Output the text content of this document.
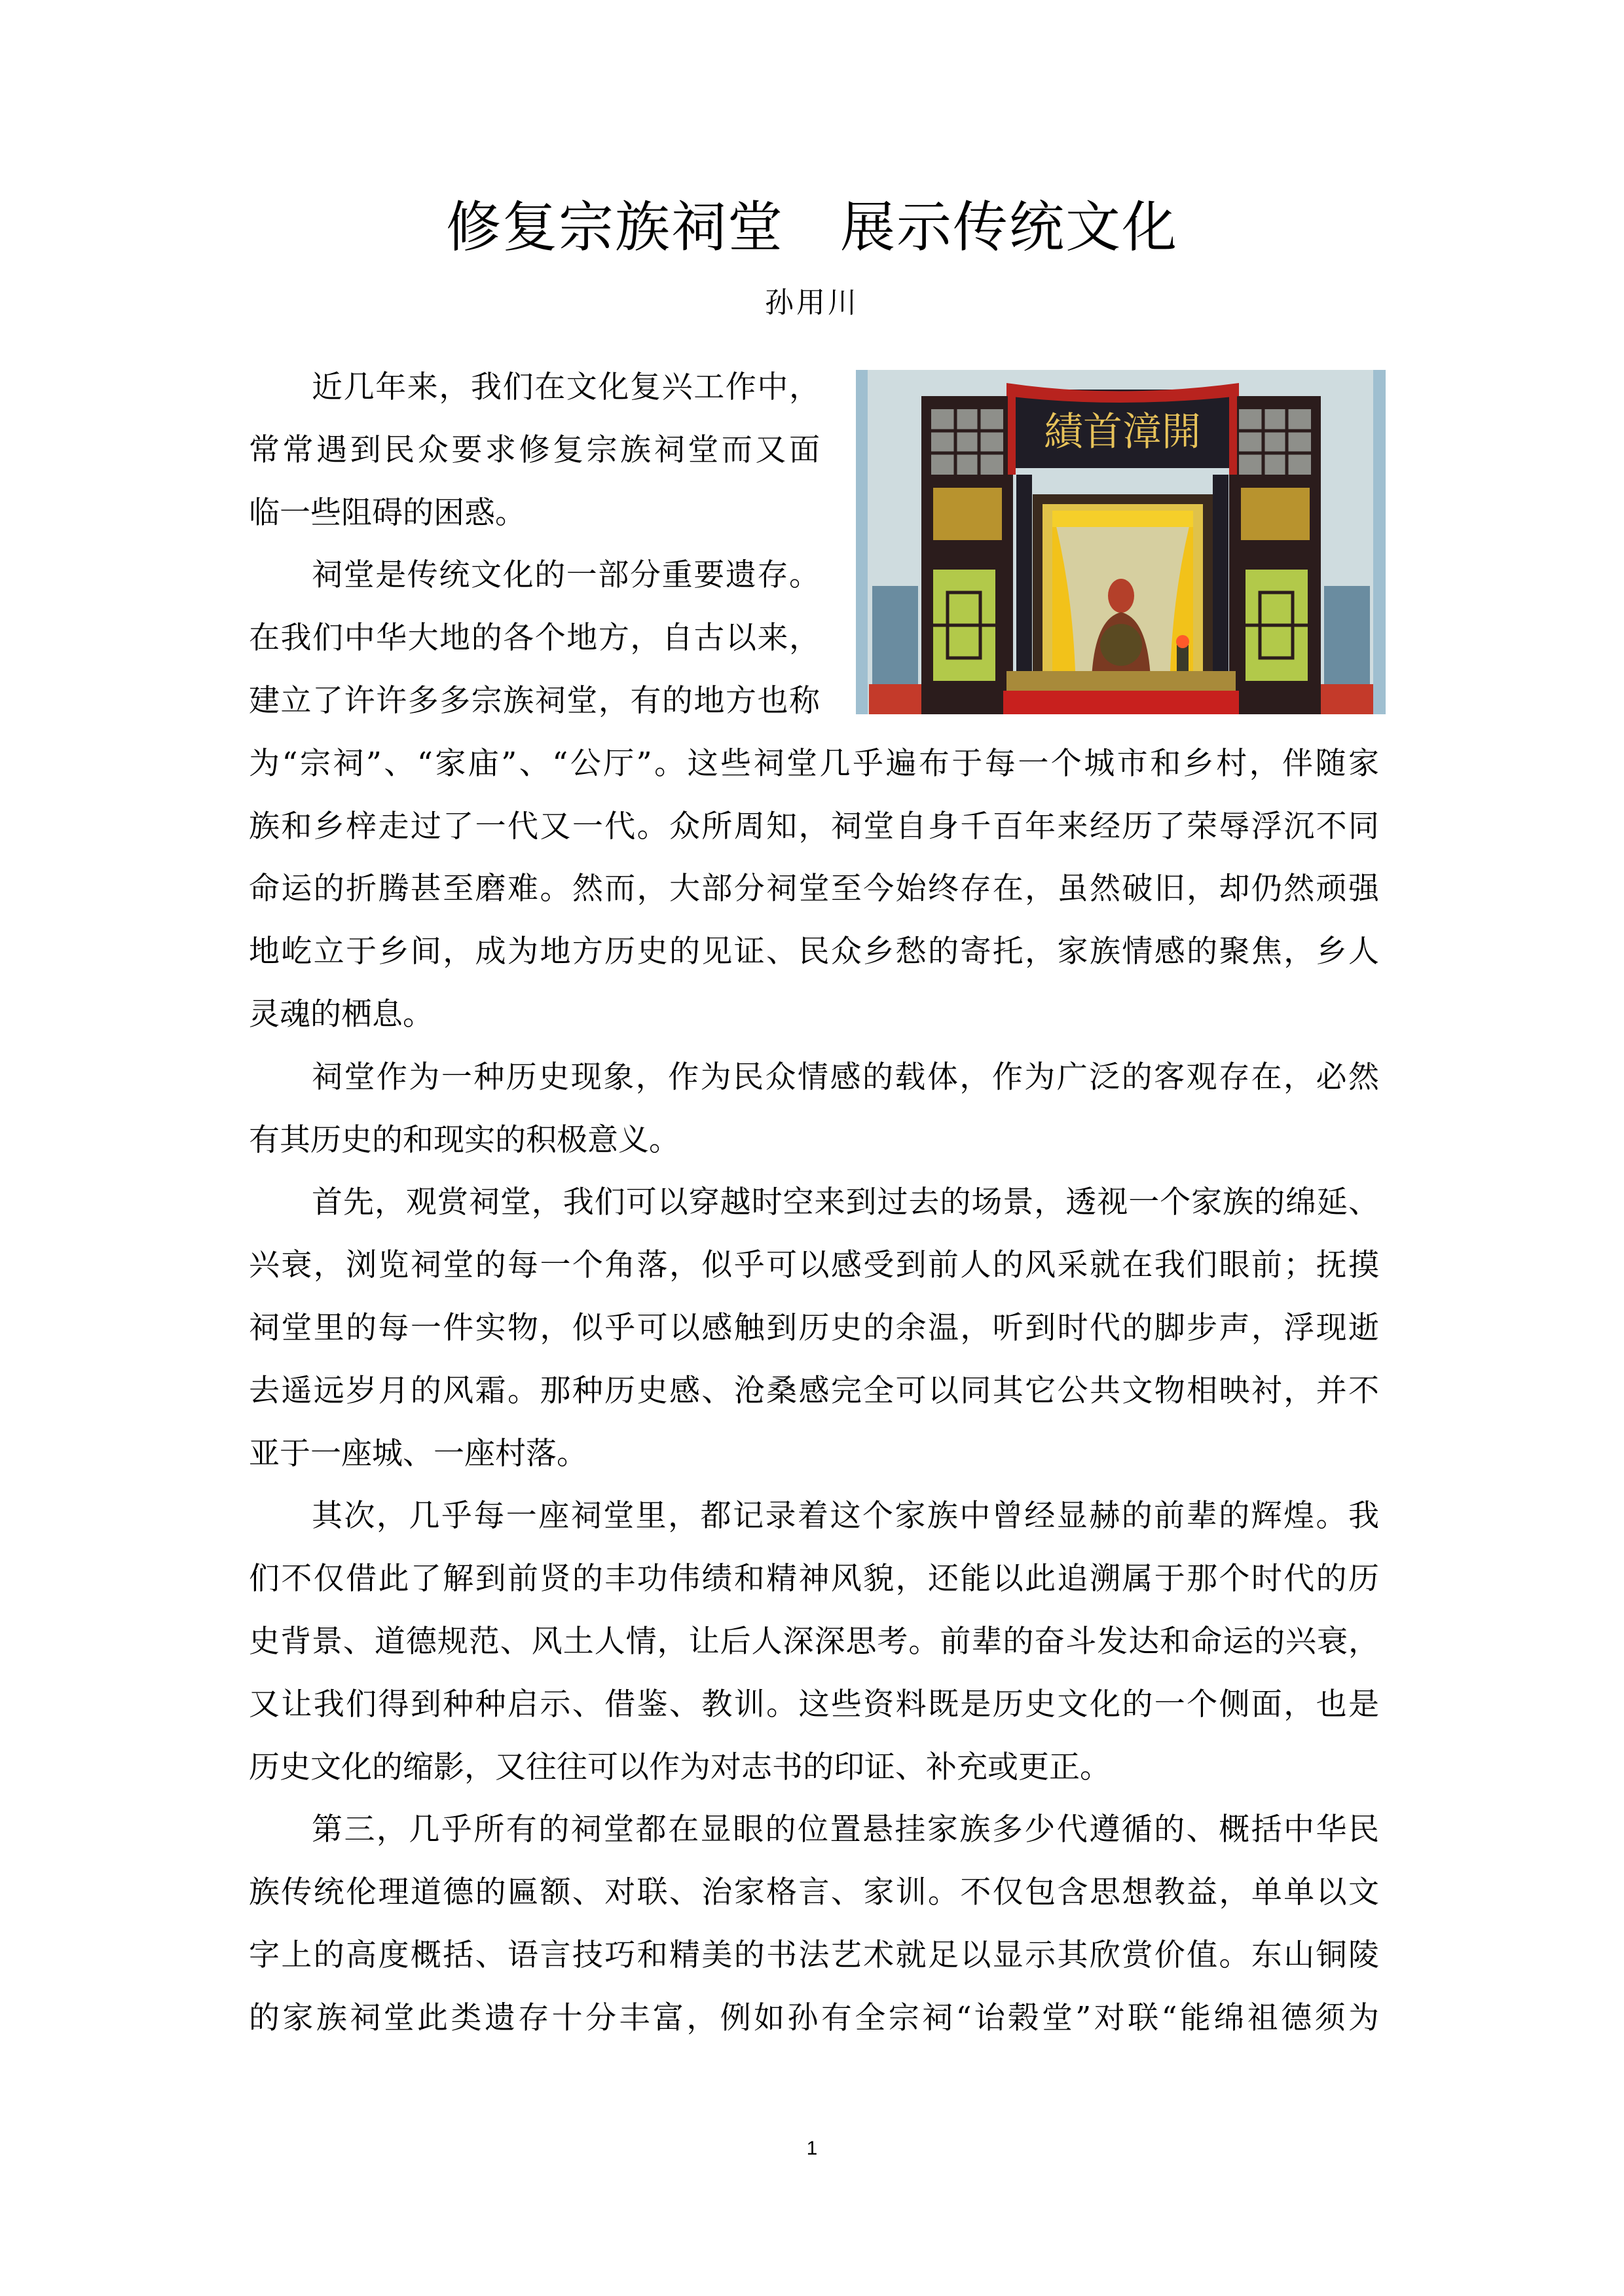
修复宗族祠堂　展示传统文化
孙用川
績首漳開
近几年来，我们在文化复兴工作中，
常常遇到民众要求修复宗族祠堂而又面
临一些阻碍的困惑。
祠堂是传统文化的一部分重要遗存。
在我们中华大地的各个地方，自古以来，
建立了许许多多宗族祠堂，有的地方也称
为“宗祠”、“家庙”、“公厅”。这些祠堂几乎遍布于每一个城市和乡村，伴随家
族和乡梓走过了一代又一代。众所周知，祠堂自身千百年来经历了荣辱浮沉不同
命运的折腾甚至磨难。然而，大部分祠堂至今始终存在，虽然破旧，却仍然顽强
地屹立于乡间，成为地方历史的见证、民众乡愁的寄托，家族情感的聚焦，乡人
灵魂的栖息。
祠堂作为一种历史现象，作为民众情感的载体，作为广泛的客观存在，必然
有其历史的和现实的积极意义。
首先，观赏祠堂，我们可以穿越时空来到过去的场景，透视一个家族的绵延、
兴衰，浏览祠堂的每一个角落，似乎可以感受到前人的风采就在我们眼前；抚摸
祠堂里的每一件实物，似乎可以感触到历史的余温，听到时代的脚步声，浮现逝
去遥远岁月的风霜。那种历史感、沧桑感完全可以同其它公共文物相映衬，并不
亚于一座城、一座村落。
其次，几乎每一座祠堂里，都记录着这个家族中曾经显赫的前辈的辉煌。我
们不仅借此了解到前贤的丰功伟绩和精神风貌，还能以此追溯属于那个时代的历
史背景、道德规范、风土人情，让后人深深思考。前辈的奋斗发达和命运的兴衰，
又让我们得到种种启示、借鉴、教训。这些资料既是历史文化的一个侧面，也是
历史文化的缩影，又往往可以作为对志书的印证、补充或更正。
第三，几乎所有的祠堂都在显眼的位置悬挂家族多少代遵循的、概括中华民
族传统伦理道德的匾额、对联、治家格言、家训。不仅包含思想教益，单单以文
字上的高度概括、语言技巧和精美的书法艺术就足以显示其欣赏价值。东山铜陵
的家族祠堂此类遗存十分丰富，例如孙有全宗祠“诒榖堂”对联“能绵祖德须为
1
